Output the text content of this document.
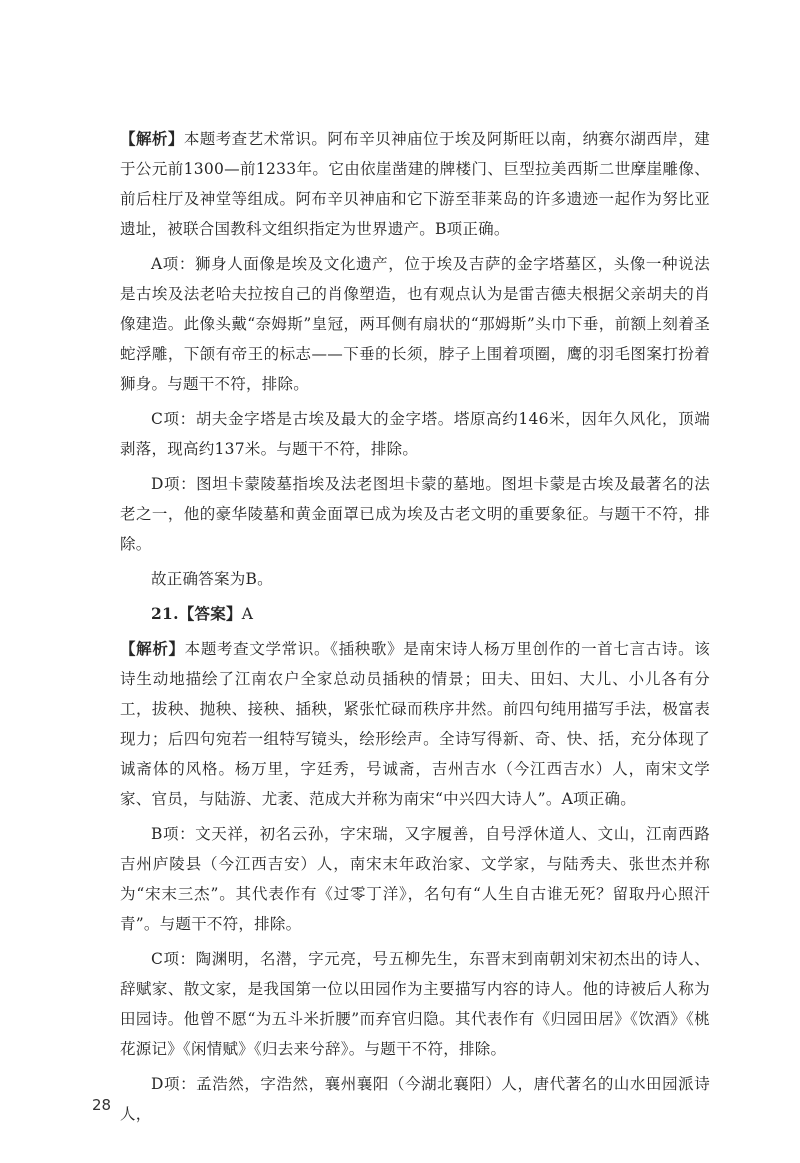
【解析】本题考查艺术常识。阿布辛贝神庙位于埃及阿斯旺以南，纳赛尔湖西岸，建于公元前1300—前1233年。它由依崖凿建的牌楼门、巨型拉美西斯二世摩崖雕像、前后柱厅及神堂等组成。阿布辛贝神庙和它下游至菲莱岛的许多遗迹一起作为努比亚遗址，被联合国教科文组织指定为世界遗产。B项正确。

A项：狮身人面像是埃及文化遗产，位于埃及吉萨的金字塔墓区，头像一种说法是古埃及法老哈夫拉按自己的肖像塑造，也有观点认为是雷吉德夫根据父亲胡夫的肖像建造。此像头戴“奈姆斯”皇冠，两耳侧有扇状的“那姆斯”头巾下垂，前额上刻着圣蛇浮雕，下颌有帝王的标志——下垂的长须，脖子上围着项圈，鹰的羽毛图案打扮着狮身。与题干不符，排除。

C项：胡夫金字塔是古埃及最大的金字塔。塔原高约146米，因年久风化，顶端剥落，现高约137米。与题干不符，排除。

D项：图坦卡蒙陵墓指埃及法老图坦卡蒙的墓地。图坦卡蒙是古埃及最著名的法老之一，他的豪华陵墓和黄金面罩已成为埃及古老文明的重要象征。与题干不符，排除。

故正确答案为B。

21.【答案】A

【解析】本题考查文学常识。《插秧歌》是南宋诗人杨万里创作的一首七言古诗。该诗生动地描绘了江南农户全家总动员插秧的情景；田夫、田妇、大儿、小儿各有分工，拔秧、抛秧、接秧、插秧，紧张忙碌而秩序井然。前四句纯用描写手法，极富表现力；后四句宛若一组特写镜头，绘形绘声。全诗写得新、奇、快、括，充分体现了诚斋体的风格。杨万里，字廷秀，号诚斋，吉州吉水（今江西吉水）人，南宋文学家、官员，与陆游、尤袤、范成大并称为南宋“中兴四大诗人”。A项正确。

B项：文天祥，初名云孙，字宋瑞，又字履善，自号浮休道人、文山，江南西路吉州庐陵县（今江西吉安）人，南宋末年政治家、文学家，与陆秀夫、张世杰并称为“宋末三杰”。其代表作有《过零丁洋》，名句有“人生自古谁无死？留取丹心照汗青”。与题干不符，排除。

C项：陶渊明，名潜，字元亮，号五柳先生，东晋末到南朝刘宋初杰出的诗人、辞赋家、散文家，是我国第一位以田园作为主要描写内容的诗人。他的诗被后人称为田园诗。他曾不愿“为五斗米折腰”而弃官归隐。其代表作有《归园田居》《饮酒》《桃花源记》《闲情赋》《归去来兮辞》。与题干不符，排除。

D项：孟浩然，字浩然，襄州襄阳（今湖北襄阳）人，唐代著名的山水田园派诗人，

28
